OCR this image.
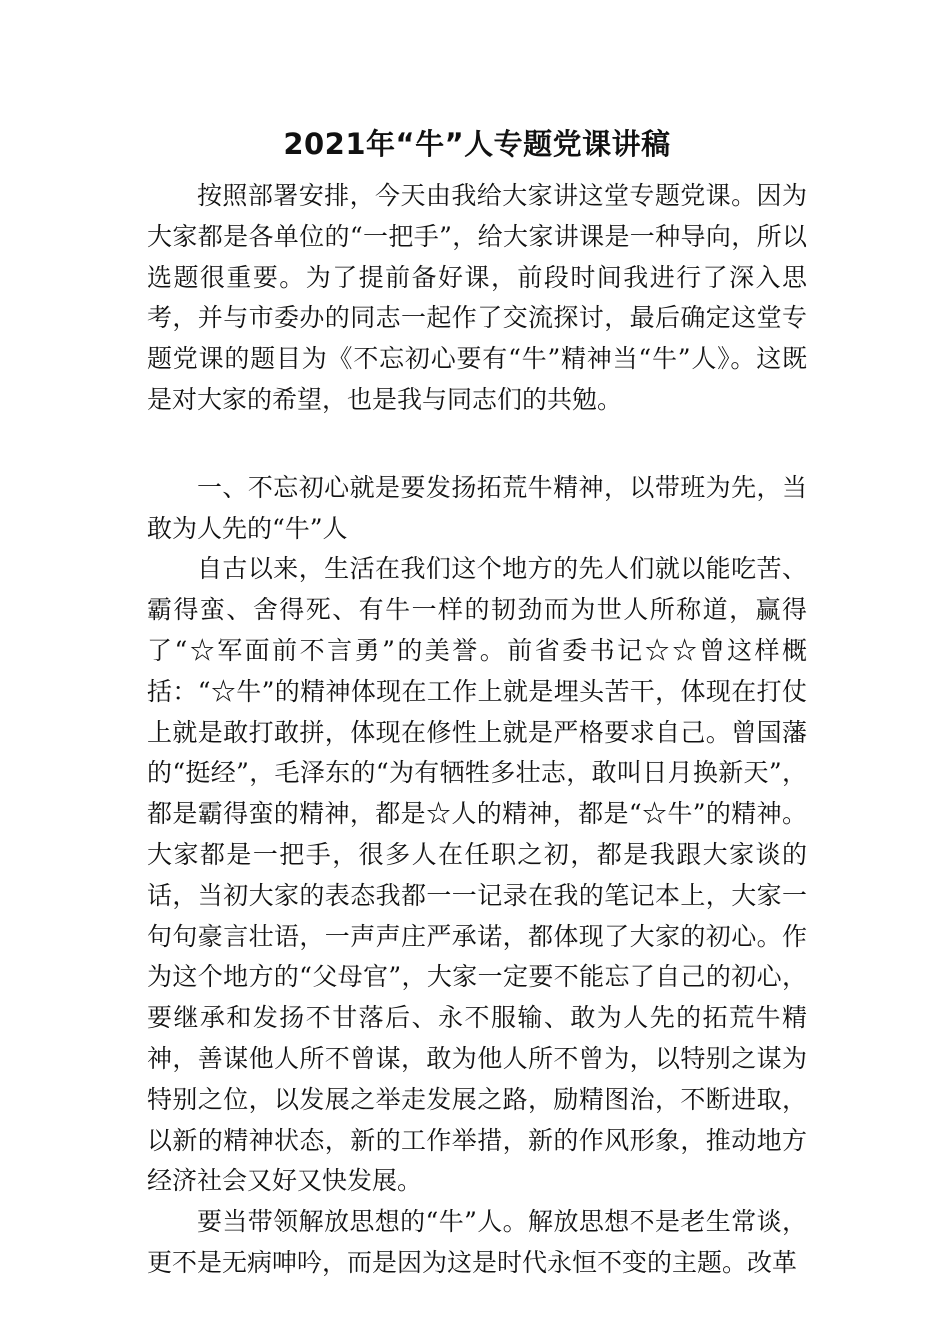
2021年“牛”人专题党课讲稿

按照部署安排，今天由我给大家讲这堂专题党课。因为大家都是各单位的“一把手”，给大家讲课是一种导向，所以选题很重要。为了提前备好课，前段时间我进行了深入思考，并与市委办的同志一起作了交流探讨，最后确定这堂专题党课的题目为《不忘初心要有“牛”精神当“牛”人》。这既是对大家的希望，也是我与同志们的共勉。

一、不忘初心就是要发扬拓荒牛精神，以带班为先，当敢为人先的“牛”人

自古以来，生活在我们这个地方的先人们就以能吃苦、霸得蛮、舍得死、有牛一样的韧劲而为世人所称道，赢得了“☆军面前不言勇”的美誉。前省委书记☆☆曾这样概括：“☆牛”的精神体现在工作上就是埋头苦干，体现在打仗上就是敢打敢拼，体现在修性上就是严格要求自己。曾国藩的“挺经”，毛泽东的“为有牺牲多壮志，敢叫日月换新天”，都是霸得蛮的精神，都是☆人的精神，都是“☆牛”的精神。大家都是一把手，很多人在任职之初，都是我跟大家谈的话，当初大家的表态我都一一记录在我的笔记本上，大家一句句豪言壮语，一声声庄严承诺，都体现了大家的初心。作为这个地方的“父母官”，大家一定要不能忘了自己的初心，要继承和发扬不甘落后、永不服输、敢为人先的拓荒牛精神，善谋他人所不曾谋，敢为他人所不曾为，以特别之谋为特别之位，以发展之举走发展之路，励精图治，不断进取，以新的精神状态，新的工作举措，新的作风形象，推动地方经济社会又好又快发展。

要当带领解放思想的“牛”人。解放思想不是老生常谈，更不是无病呻吟，而是因为这是时代永恒不变的主题。改革
